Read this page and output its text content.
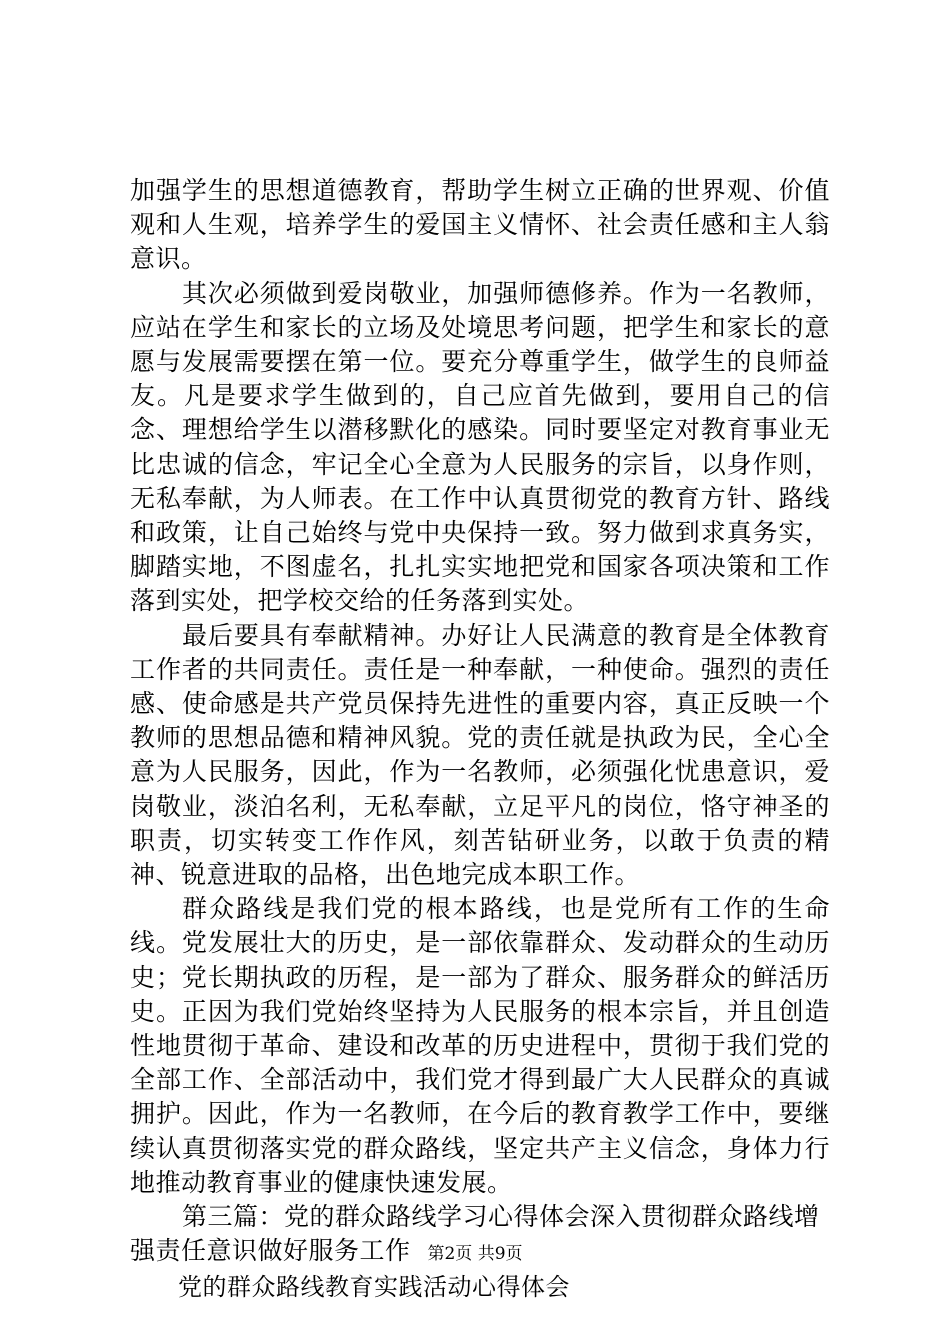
加强学生的思想道德教育，帮助学生树立正确的世界观、价值观和人生观，培养学生的爱国主义情怀、社会责任感和主人翁意识。

其次必须做到爱岗敬业，加强师德修养。作为一名教师，应站在学生和家长的立场及处境思考问题，把学生和家长的意愿与发展需要摆在第一位。要充分尊重学生，做学生的良师益友。凡是要求学生做到的，自己应首先做到，要用自己的信念、理想给学生以潜移默化的感染。同时要坚定对教育事业无比忠诚的信念，牢记全心全意为人民服务的宗旨，以身作则，无私奉献，为人师表。在工作中认真贯彻党的教育方针、路线和政策，让自己始终与党中央保持一致。努力做到求真务实，脚踏实地，不图虚名，扎扎实实地把党和国家各项决策和工作落到实处，把学校交给的任务落到实处。

最后要具有奉献精神。办好让人民满意的教育是全体教育工作者的共同责任。责任是一种奉献，一种使命。强烈的责任感、使命感是共产党员保持先进性的重要内容，真正反映一个教师的思想品德和精神风貌。党的责任就是执政为民，全心全意为人民服务，因此，作为一名教师，必须强化忧患意识，爱岗敬业，淡泊名利，无私奉献，立足平凡的岗位，恪守神圣的职责，切实转变工作作风，刻苦钻研业务，以敢于负责的精神、锐意进取的品格，出色地完成本职工作。

群众路线是我们党的根本路线，也是党所有工作的生命线。党发展壮大的历史，是一部依靠群众、发动群众的生动历史；党长期执政的历程，是一部为了群众、服务群众的鲜活历史。正因为我们党始终坚持为人民服务的根本宗旨，并且创造性地贯彻于革命、建设和改革的历史进程中，贯彻于我们党的全部工作、全部活动中，我们党才得到最广大人民群众的真诚拥护。因此，作为一名教师，在今后的教育教学工作中，要继续认真贯彻落实党的群众路线，坚定共产主义信念，身体力行地推动教育事业的健康快速发展。

第三篇：党的群众路线学习心得体会深入贯彻群众路线增强责任意识做好服务工作

党的群众路线教育实践活动心得体会

第2页 共9页
